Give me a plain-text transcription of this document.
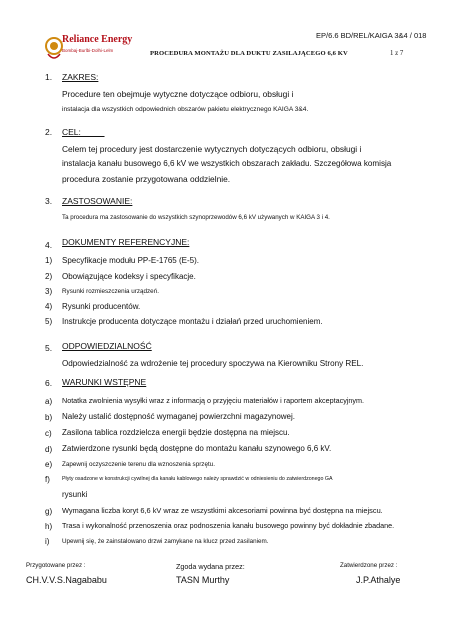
Reliance Energy
Bombaj-Burlbi-Dolhi-Lelm
EP/6.6 BD/REL/KAIGA 3&4 / 018
PROCEDURA MONTAŻU DLA DUKTU ZASILAJĄCEGO 6,6 KV	1 z 7
1. ZAKRES:
Procedure ten obejmuje wytyczne dotyczące odbioru, obsługi i
instalacja dla wszystkich odpowiednich obszarów pakietu elektrycznego KAIGA 3&4.
2. CEL:
Celem tej procedury jest dostarczenie wytycznych dotyczących odbioru, obsługi i
instalacja kanału busowego 6,6 kV we wszystkich obszarach zakładu. Szczegółowa komisja
procedura zostanie przygotowana oddzielnie.
3. ZASTOSOWANIE:
Ta procedura ma zastosowanie do wszystkich szynoprzewodów 6,6 kV używanych w KAIGA 3 i 4.
4. DOKUMENTY REFERENCYJNE:
1) Specyfikacje modułu PP-E-1765 (E-5).
2) Obowiązujące kodeksy i specyfikacje.
3) Rysunki rozmieszczenia urządzeń.
4) Rysunki producentów.
5) Instrukcje producenta dotyczące montażu i działań przed uruchomieniem.
5. ODPOWIEDZIALNOŚĆ
Odpowiedzialność za wdrożenie tej procedury spoczywa na Kierowniku Strony REL.
6. WARUNKI WSTĘPNE
a) Notatka zwolnienia wysyłki wraz z informacją o przyjęciu materiałów i raportem akceptacyjnym.
b) Należy ustalić dostępność wymaganej powierzchni magazynowej.
c) Zasilona tablica rozdzielcza energii będzie dostępna na miejscu.
d) Zatwierdzone rysunki będą dostępne do montażu kanału szynowego 6,6 kV.
e) Zapewnij oczyszczenie terenu dla wznoszenia sprzętu.
f) Płyty osadzone w konstrukcji cywilnej dla kanału kablowego należy sprawdzić w odniesieniu do zatwierdzonego GA
rysunki
g) Wymagana liczba koryt 6,6 kV wraz ze wszystkimi akcesoriami powinna być dostępna na miejscu.
h) Trasa i wykonalność przenoszenia oraz podnoszenia kanału busowego powinny być dokładnie zbadane.
i) Upewnij się, że zainstalowano drzwi zamykane na klucz przed zasilaniem.
Przygotowane przez :
CH.V.V.S.Nagababu
Zgoda wydana przez:
TASN Murthy
Zatwierdzone przez :
J.P.Athalye
